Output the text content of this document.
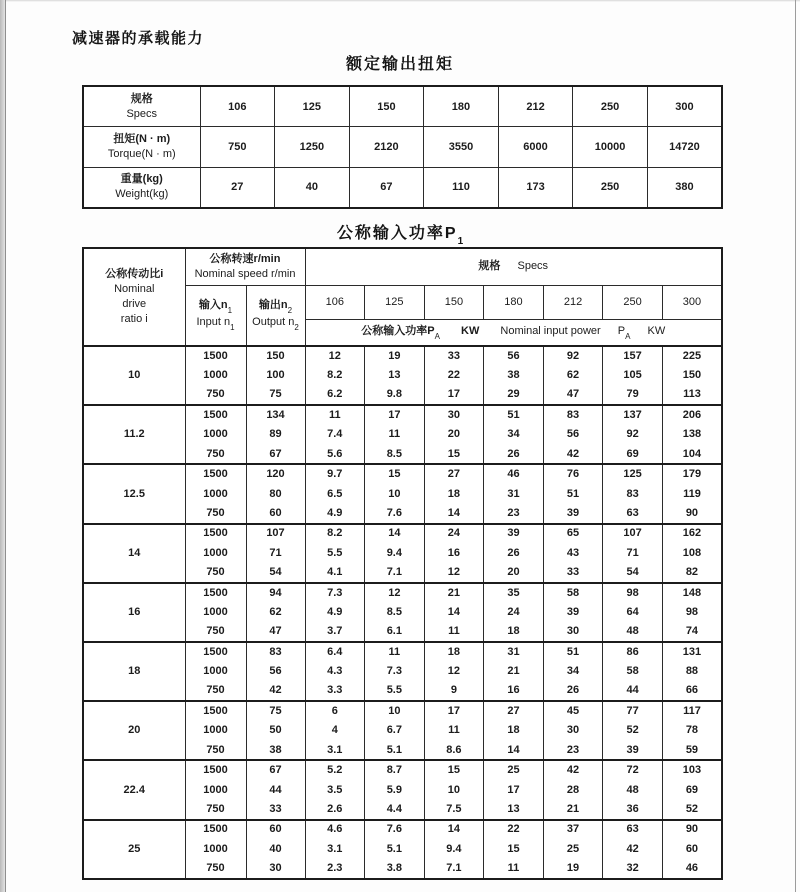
减速器的承载能力
额定输出扭矩
规格
Specs	106	125	150	180	212	250	300

扭矩(N · m)
Torque(N · m)	750	1250	2120	3550	6000	10000	14720

重量(kg)
Weight(kg)	27	40	67	110	173	250	380
公称输入功率$P_1$
公称传动比i
Nominal
drive
ratio i	公称转速r/min
Nominal speed r/min		规格 Specs						

	输入$n_1$
Input $n_1$	输出$n_2$
Output $n_2$	106	125	150	180	212	250	300
			公称输入功率$P_A$ KW Nominal input power $P_A$ KW						
10	1500	150	12	19	33	56	92	157	225
	1000	100	8.2	13	22	38	62	105	150
	750	75	6.2	9.8	17	29	47	79	113
11.2	1500	134	11	17	30	51	83	137	206
	1000	89	7.4	11	20	34	56	92	138
	750	67	5.6	8.5	15	26	42	69	104
12.5	1500	120	9.7	15	27	46	76	125	179
	1000	80	6.5	10	18	31	51	83	119
	750	60	4.9	7.6	14	23	39	63	90
14	1500	107	8.2	14	24	39	65	107	162
	1000	71	5.5	9.4	16	26	43	71	108
	750	54	4.1	7.1	12	20	33	54	82
16	1500	94	7.3	12	21	35	58	98	148
	1000	62	4.9	8.5	14	24	39	64	98
	750	47	3.7	6.1	11	18	30	48	74
18	1500	83	6.4	11	18	31	51	86	131
	1000	56	4.3	7.3	12	21	34	58	88
	750	42	3.3	5.5	9	16	26	44	66
20	1500	75	6	10	17	27	45	77	117
	1000	50	4	6.7	11	18	30	52	78
	750	38	3.1	5.1	8.6	14	23	39	59
22.4	1500	67	5.2	8.7	15	25	42	72	103
	1000	44	3.5	5.9	10	17	28	48	69
	750	33	2.6	4.4	7.5	13	21	36	52
25	1500	60	4.6	7.6	14	22	37	63	90
	1000	40	3.1	5.1	9.4	15	25	42	60
	750	30	2.3	3.8	7.1	11	19	32	46
